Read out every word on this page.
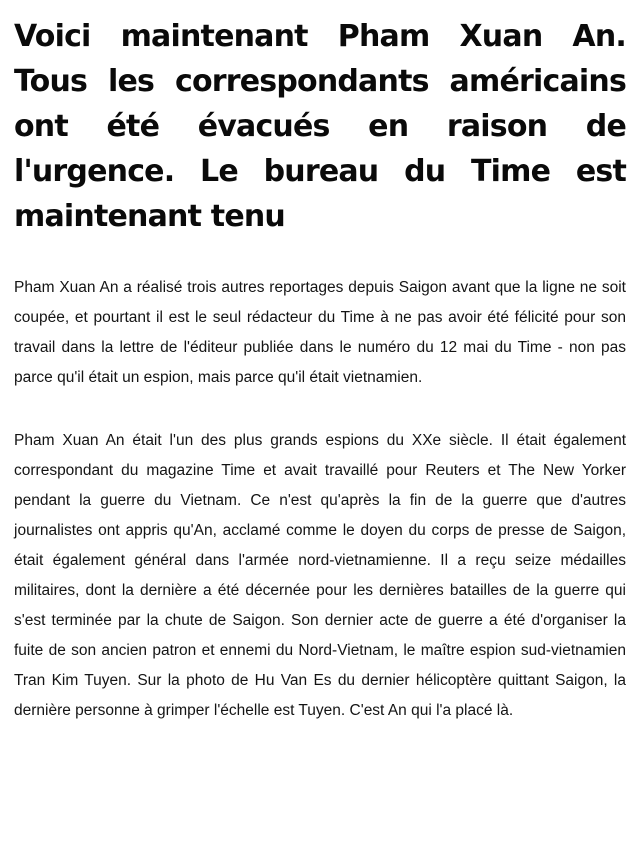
Voici maintenant Pham Xuan An. Tous les correspondants américains ont été évacués en raison de l'urgence. Le bureau du Time est maintenant tenu

Pham Xuan An a réalisé trois autres reportages depuis Saigon avant que la ligne ne soit coupée, et pourtant il est le seul rédacteur du Time à ne pas avoir été félicité pour son travail dans la lettre de l'éditeur publiée dans le numéro du 12 mai du Time - non pas parce qu'il était un espion, mais parce qu'il était vietnamien.

Pham Xuan An était l'un des plus grands espions du XXe siècle. Il était également correspondant du magazine Time et avait travaillé pour Reuters et The New Yorker pendant la guerre du Vietnam. Ce n'est qu'après la fin de la guerre que d'autres journalistes ont appris qu'An, acclamé comme le doyen du corps de presse de Saigon, était également général dans l'armée nord-vietnamienne. Il a reçu seize médailles militaires, dont la dernière a été décernée pour les dernières batailles de la guerre qui s'est terminée par la chute de Saigon. Son dernier acte de guerre a été d'organiser la fuite de son ancien patron et ennemi du Nord-Vietnam, le maître espion sud-vietnamien Tran Kim Tuyen. Sur la photo de Hu Van Es du dernier hélicoptère quittant Saigon, la dernière personne à grimper l'échelle est Tuyen. C'est An qui l'a placé là.
